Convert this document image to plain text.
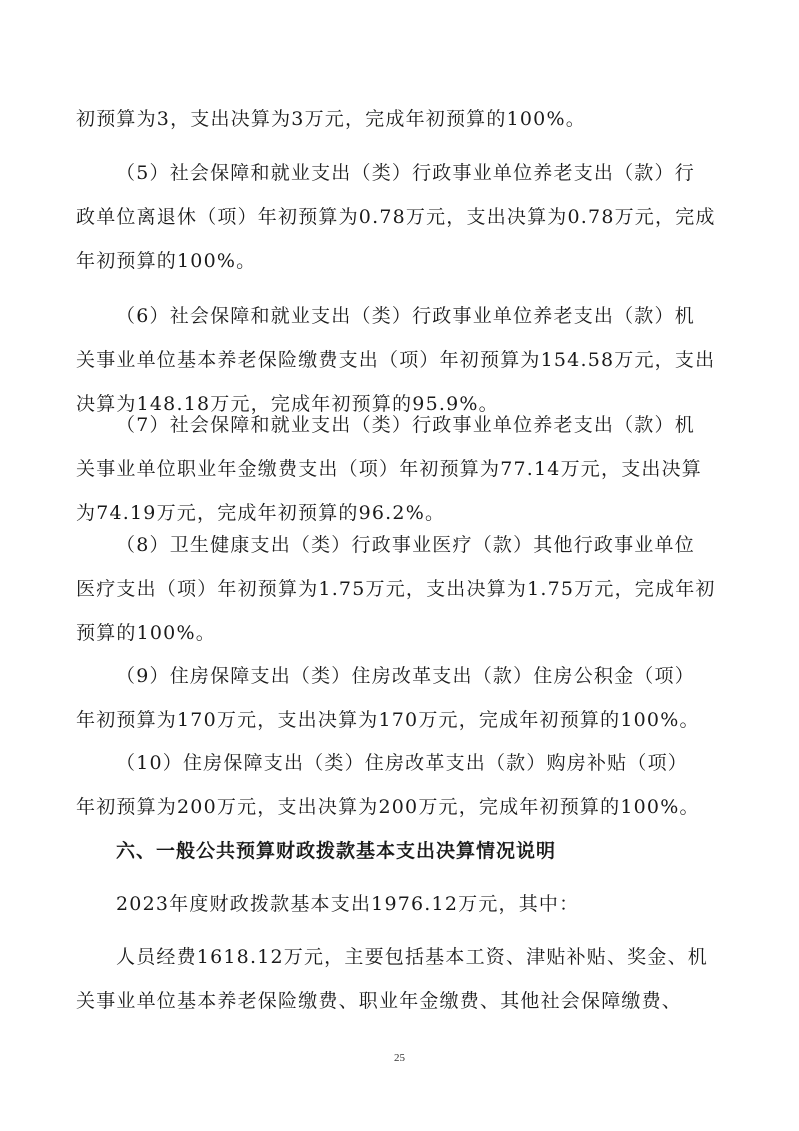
初预算为3，支出决算为3万元，完成年初预算的100%。
（5）社会保障和就业支出（类）行政事业单位养老支出（款）行
政单位离退休（项）年初预算为0.78万元，支出决算为0.78万元，完成
年初预算的100%。
（6）社会保障和就业支出（类）行政事业单位养老支出（款）机
关事业单位基本养老保险缴费支出（项）年初预算为154.58万元，支出
决算为148.18万元，完成年初预算的95.9%。
（7）社会保障和就业支出（类）行政事业单位养老支出（款）机
关事业单位职业年金缴费支出（项）年初预算为77.14万元，支出决算
为74.19万元，完成年初预算的96.2%。
（8）卫生健康支出（类）行政事业医疗（款）其他行政事业单位
医疗支出（项）年初预算为1.75万元，支出决算为1.75万元，完成年初
预算的100%。
（9）住房保障支出（类）住房改革支出（款）住房公积金（项）
年初预算为170万元，支出决算为170万元，完成年初预算的100%。
（10）住房保障支出（类）住房改革支出（款）购房补贴（项）
年初预算为200万元，支出决算为200万元，完成年初预算的100%。
六、一般公共预算财政拨款基本支出决算情况说明
2023年度财政拨款基本支出1976.12万元，其中：
人员经费1618.12万元，主要包括基本工资、津贴补贴、奖金、机
关事业单位基本养老保险缴费、职业年金缴费、其他社会保障缴费、
25
